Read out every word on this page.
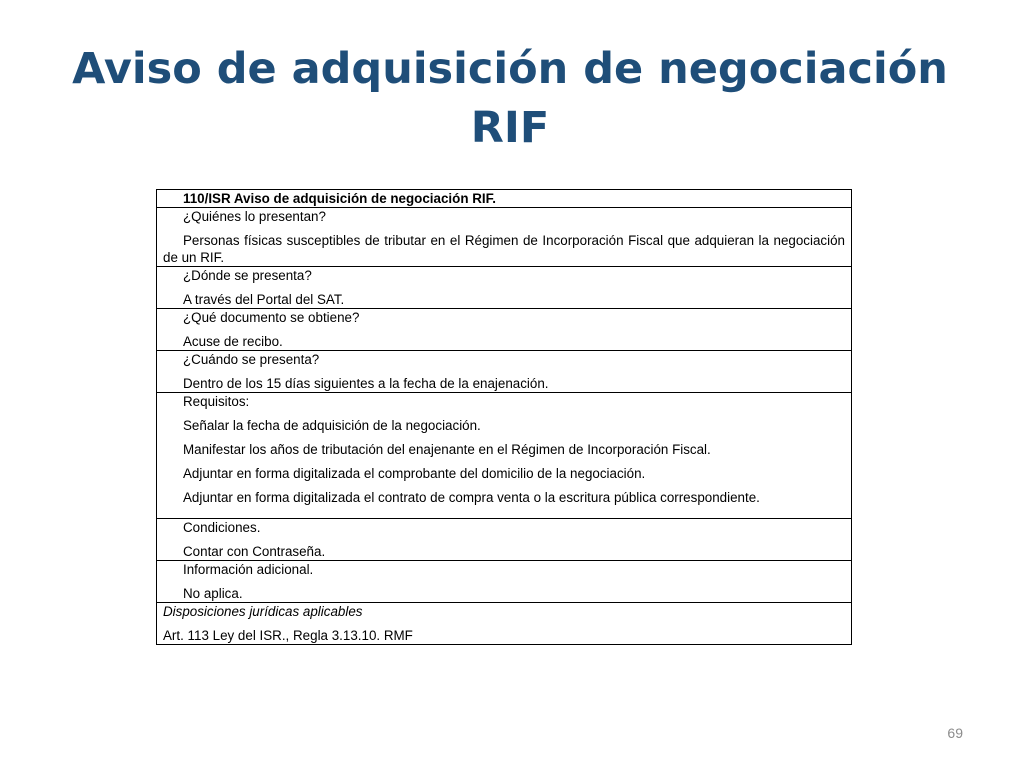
Aviso de adquisición de negociación
RIF
110/ISR Aviso de adquisición de negociación RIF.

¿Quiénes lo presentan?
Personas físicas susceptibles de tributar en el Régimen de Incorporación Fiscal que adquieran la negociación de un RIF.

¿Dónde se presenta?
A través del Portal del SAT.

¿Qué documento se obtiene?
Acuse de recibo.

¿Cuándo se presenta?
Dentro de los 15 días siguientes a la fecha de la enajenación.

Requisitos:
Señalar la fecha de adquisición de la negociación.
Manifestar los años de tributación del enajenante en el Régimen de Incorporación Fiscal.
Adjuntar en forma digitalizada el comprobante del domicilio de la negociación.
Adjuntar en forma digitalizada el contrato de compra venta o la escritura pública correspondiente.

Condiciones.
Contar con Contraseña.

Información adicional.
No aplica.

Disposiciones jurídicas aplicables
Art. 113 Ley del ISR., Regla 3.13.10. RMF
69
